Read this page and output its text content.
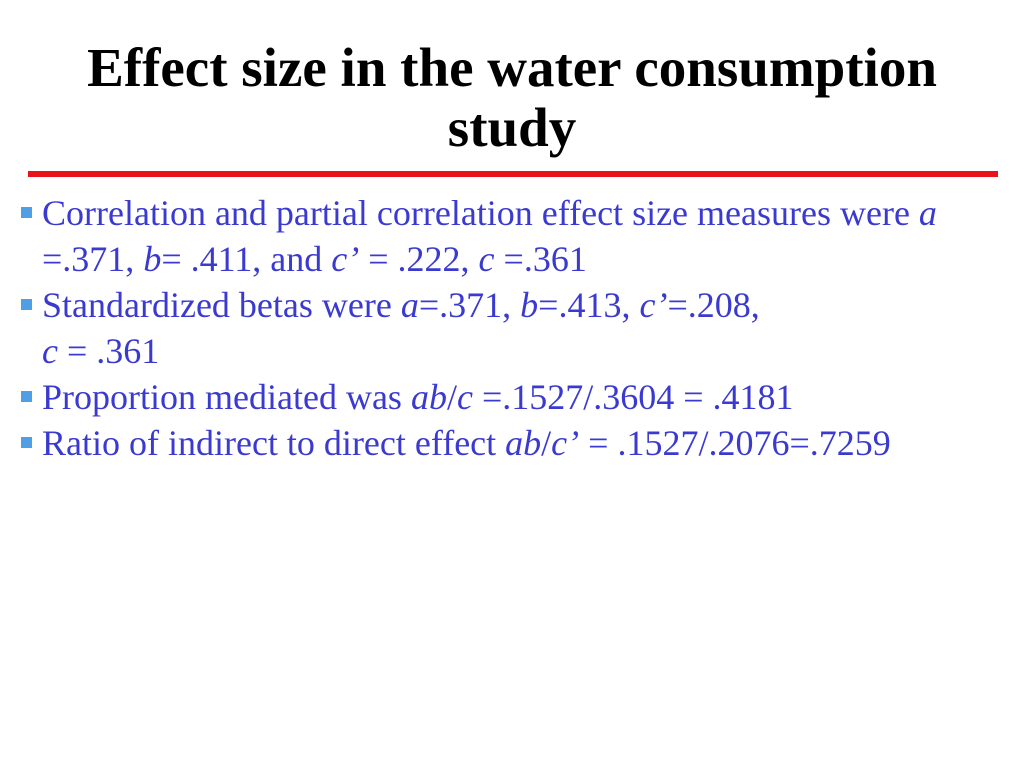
Effect size in the water consumption study
Correlation and partial correlation effect size measures were a =.371, b= .411, and c’ = .222, c =.361
Standardized betas were a=.371, b=.413, c’=.208,
c = .361
Proportion mediated was ab/c =.1527/.3604 = .4181
Ratio of indirect to direct effect ab/c’ = .1527/.2076=.7259
